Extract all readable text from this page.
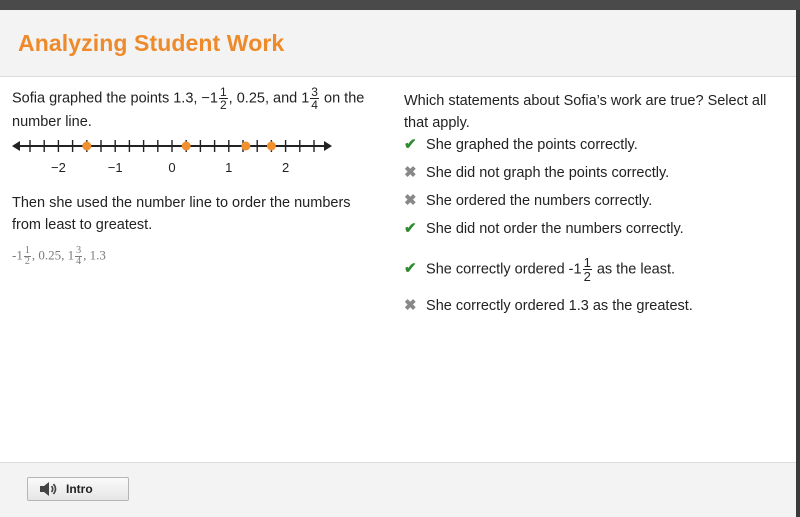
Analyzing Student Work
Sofia graphed the points 1.3, $-1 \frac{1}{2}$ , 0.25, and $1 \frac{3}{4}$ on the
number line.
−2	−1	0	1	2
Then she used the number line to order the numbers from least to greatest.
$-1 \frac{1}{2}$ , 0.25, $1 \frac{3}{4}$ , 1.3
Which statements about Sofia’s work are true? Select all that apply.
✔ She graphed the points correctly.
✖ She did not graph the points correctly.
✖ She ordered the numbers correctly.
✔ She did not order the numbers correctly.
✔ She correctly ordered $-1 \frac{1}{2}$ as the least.
✖ She correctly ordered 1.3 as the greatest.
Intro
